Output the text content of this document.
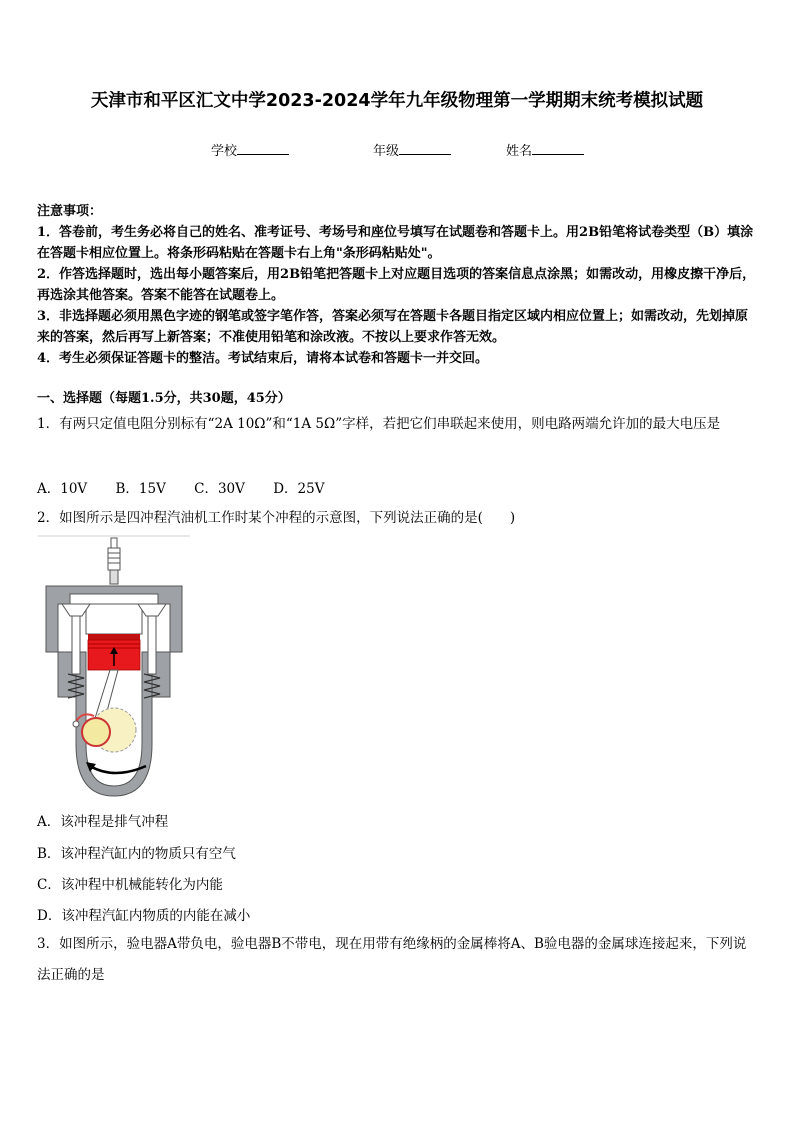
天津市和平区汇文中学2023-2024学年九年级物理第一学期期末统考模拟试题
学校	年级	姓名

注意事项：

1．答卷前，考生务必将自己的姓名、准考证号、考场号和座位号填写在试题卷和答题卡上。用2B铅笔将试卷类型（B）填涂在答题卡相应位置上。将条形码粘贴在答题卡右上角"条形码粘贴处"。

2．作答选择题时，选出每小题答案后，用2B铅笔把答题卡上对应题目选项的答案信息点涂黑；如需改动，用橡皮擦干净后，再选涂其他答案。答案不能答在试题卷上。

3．非选择题必须用黑色字迹的钢笔或签字笔作答，答案必须写在答题卡各题目指定区域内相应位置上；如需改动，先划掉原来的答案，然后再写上新答案；不准使用铅笔和涂改液。不按以上要求作答无效。

4．考生必须保证答题卡的整洁。考试结束后，请将本试卷和答题卡一并交回。

一、选择题（每题1.5分，共30题，45分）

1．有两只定值电阻分别标有“2A 10Ω”和“1A 5Ω”字样，若把它们串联起来使用，则电路两端允许加的最大电压是

A．10V B．15V C．30V D．25V

2．如图所示是四冲程汽油机工作时某个冲程的示意图，下列说法正确的是(　　)

A．该冲程是排气冲程
B．该冲程汽缸内的物质只有空气
C．该冲程中机械能转化为内能
D．该冲程汽缸内物质的内能在减小

3．如图所示，验电器A带负电，验电器B不带电，现在用带有绝缘柄的金属棒将A、B验电器的金属球连接起来，下列说法正确的是
